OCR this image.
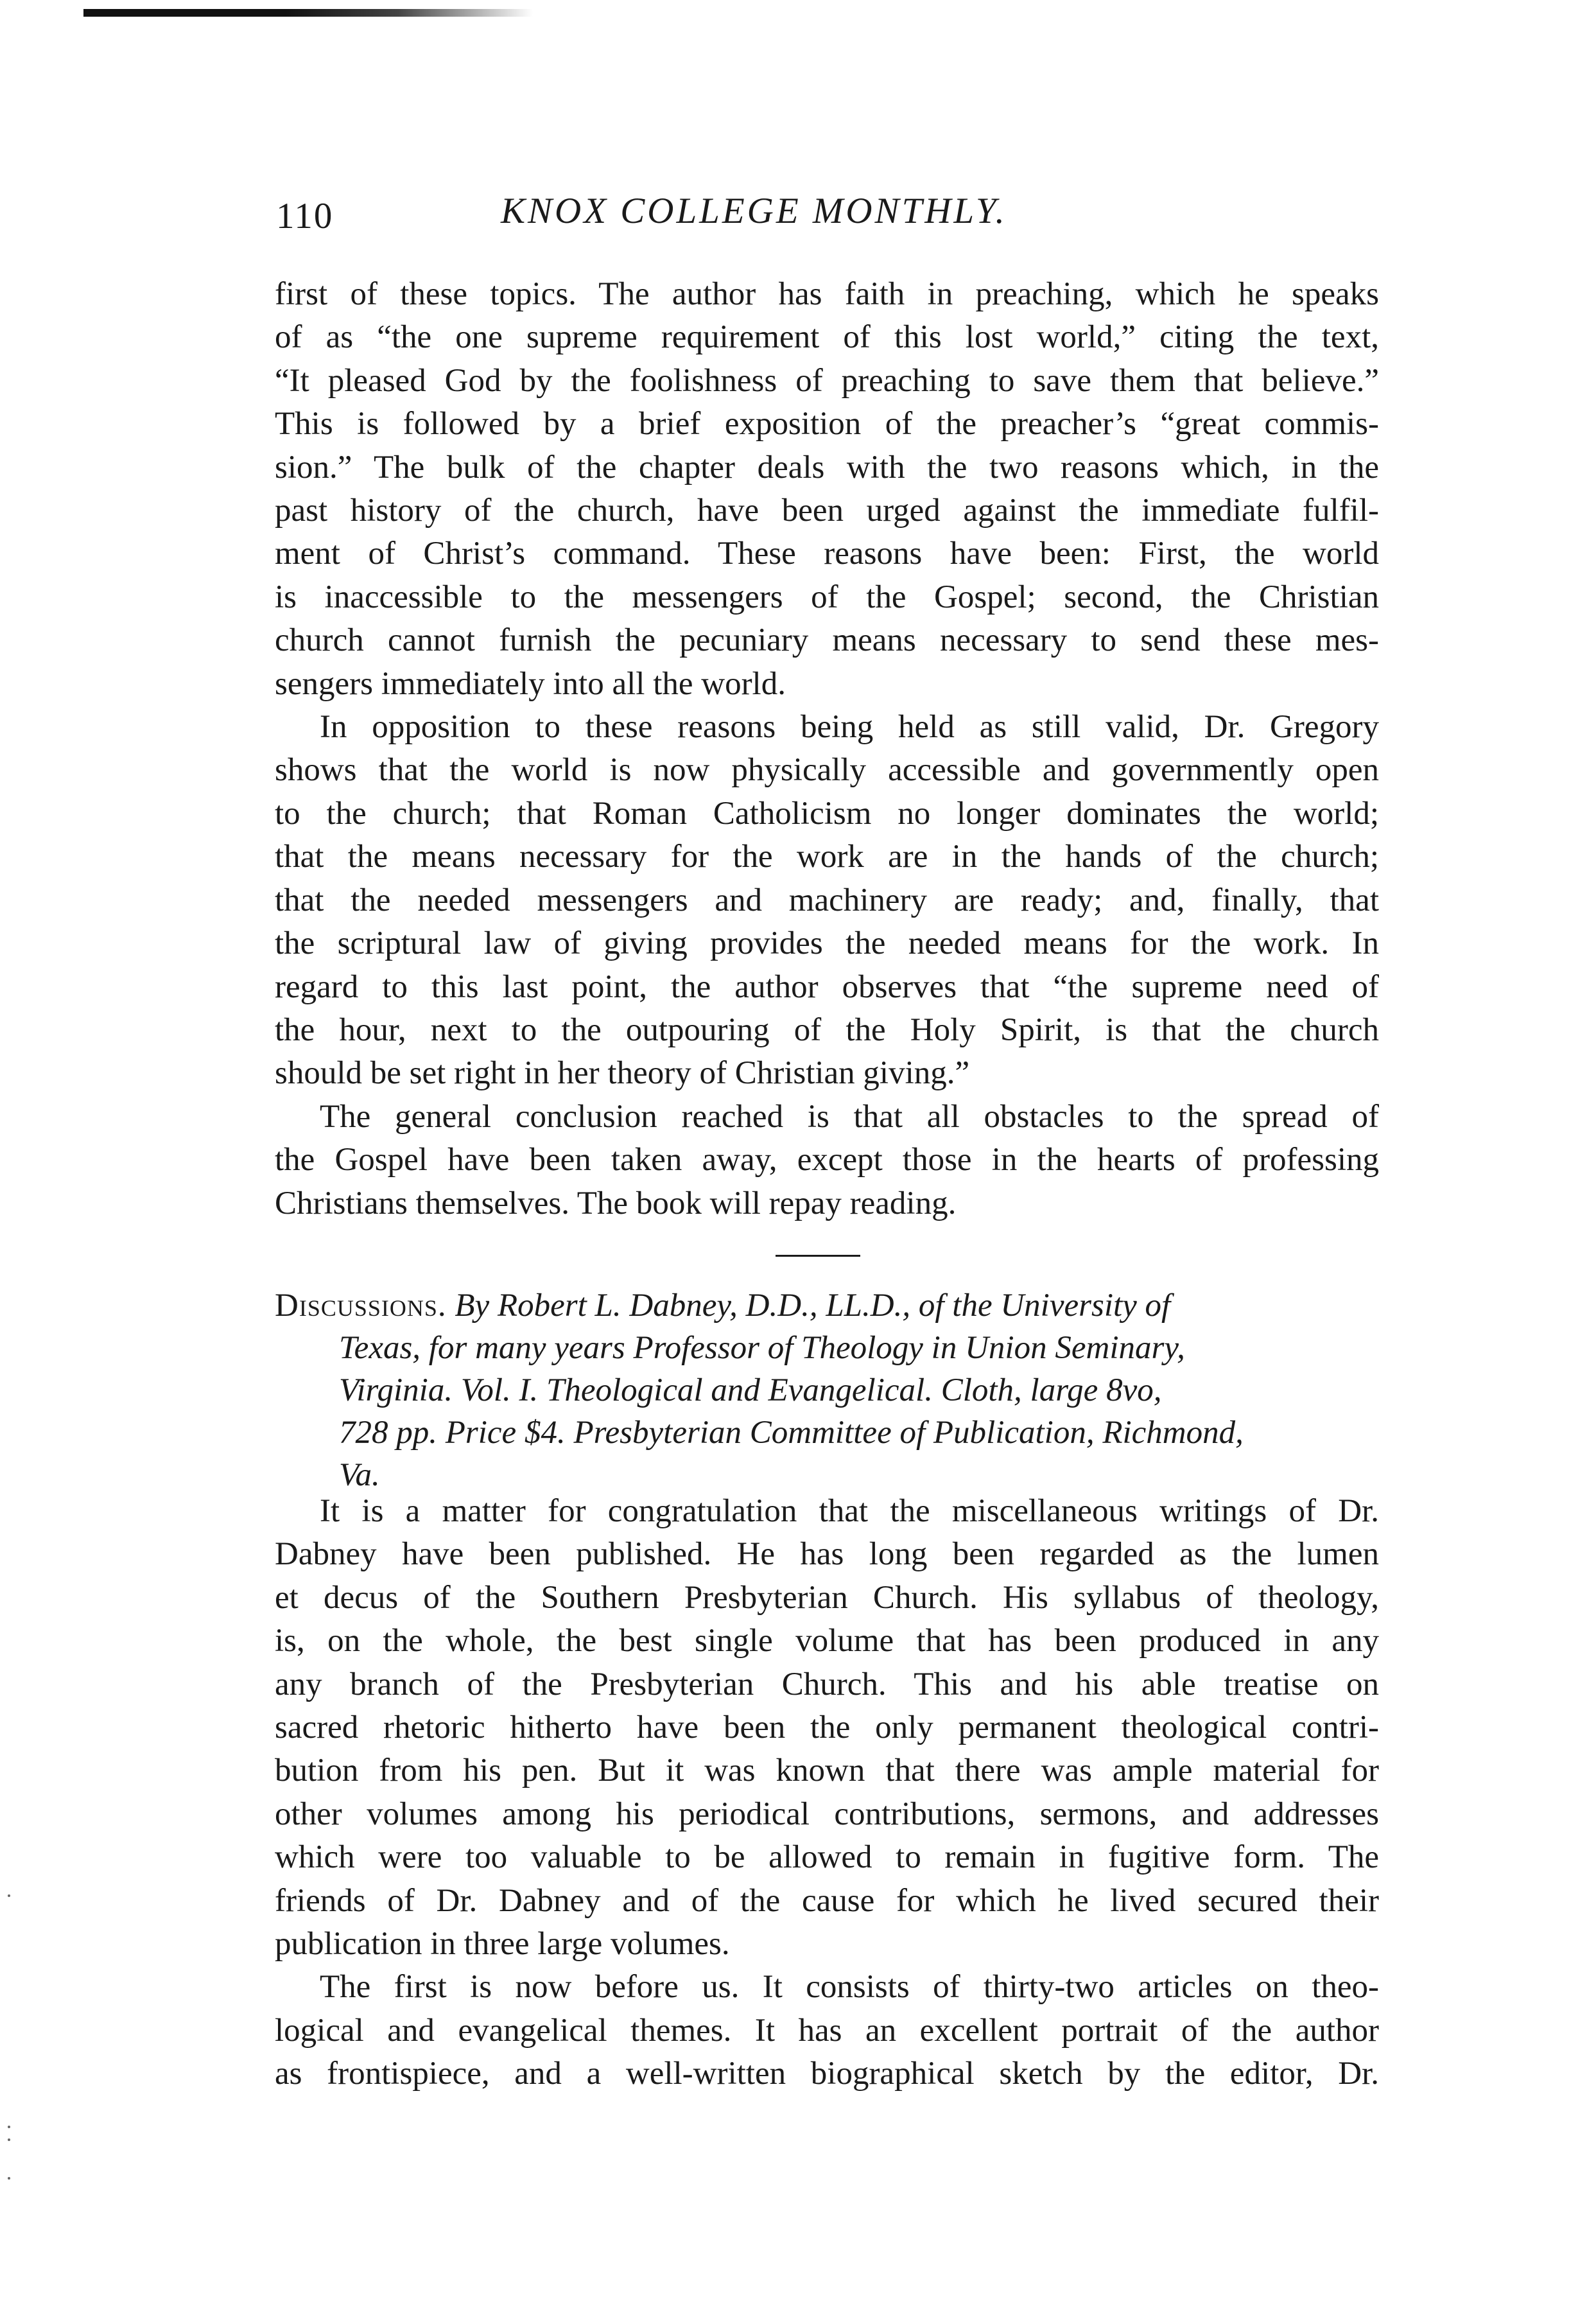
110	KNOX COLLEGE MONTHLY.
first of these topics. The author has faith in preaching, which he speaks
of as “the one supreme requirement of this lost world,” citing the text,
“It pleased God by the foolishness of preaching to save them that believe.”
This is followed by a brief exposition of the preacher’s “great commis-
sion.” The bulk of the chapter deals with the two reasons which, in the
past history of the church, have been urged against the immediate fulfil-
ment of Christ’s command. These reasons have been: First, the world
is inaccessible to the messengers of the Gospel; second, the Christian
church cannot furnish the pecuniary means necessary to send these mes-
sengers immediately into all the world.
In opposition to these reasons being held as still valid, Dr. Gregory
shows that the world is now physically accessible and governmently open
to the church; that Roman Catholicism no longer dominates the world;
that the means necessary for the work are in the hands of the church;
that the needed messengers and machinery are ready; and, finally, that
the scriptural law of giving provides the needed means for the work. In
regard to this last point, the author observes that “the supreme need of
the hour, next to the outpouring of the Holy Spirit, is that the church
should be set right in her theory of Christian giving.”
The general conclusion reached is that all obstacles to the spread of
the Gospel have been taken away, except those in the hearts of professing
Christians themselves. The book will repay reading.
Discussions. By Robert L. Dabney, D.D., LL.D., of the University of
Texas, for many years Professor of Theology in Union Seminary,
Virginia. Vol. I. Theological and Evangelical. Cloth, large 8vo,
728 pp. Price $4. Presbyterian Committee of Publication, Richmond,
Va.
It is a matter for congratulation that the miscellaneous writings of Dr.
Dabney have been published. He has long been regarded as the lumen
et decus of the Southern Presbyterian Church. His syllabus of theology,
is, on the whole, the best single volume that has been produced in any
any branch of the Presbyterian Church. This and his able treatise on
sacred rhetoric hitherto have been the only permanent theological contri-
bution from his pen. But it was known that there was ample material for
other volumes among his periodical contributions, sermons, and addresses
which were too valuable to be allowed to remain in fugitive form. The
friends of Dr. Dabney and of the cause for which he lived secured their
publication in three large volumes.
The first is now before us. It consists of thirty-two articles on theo-
logical and evangelical themes. It has an excellent portrait of the author
as frontispiece, and a well-written biographical sketch by the editor, Dr.
